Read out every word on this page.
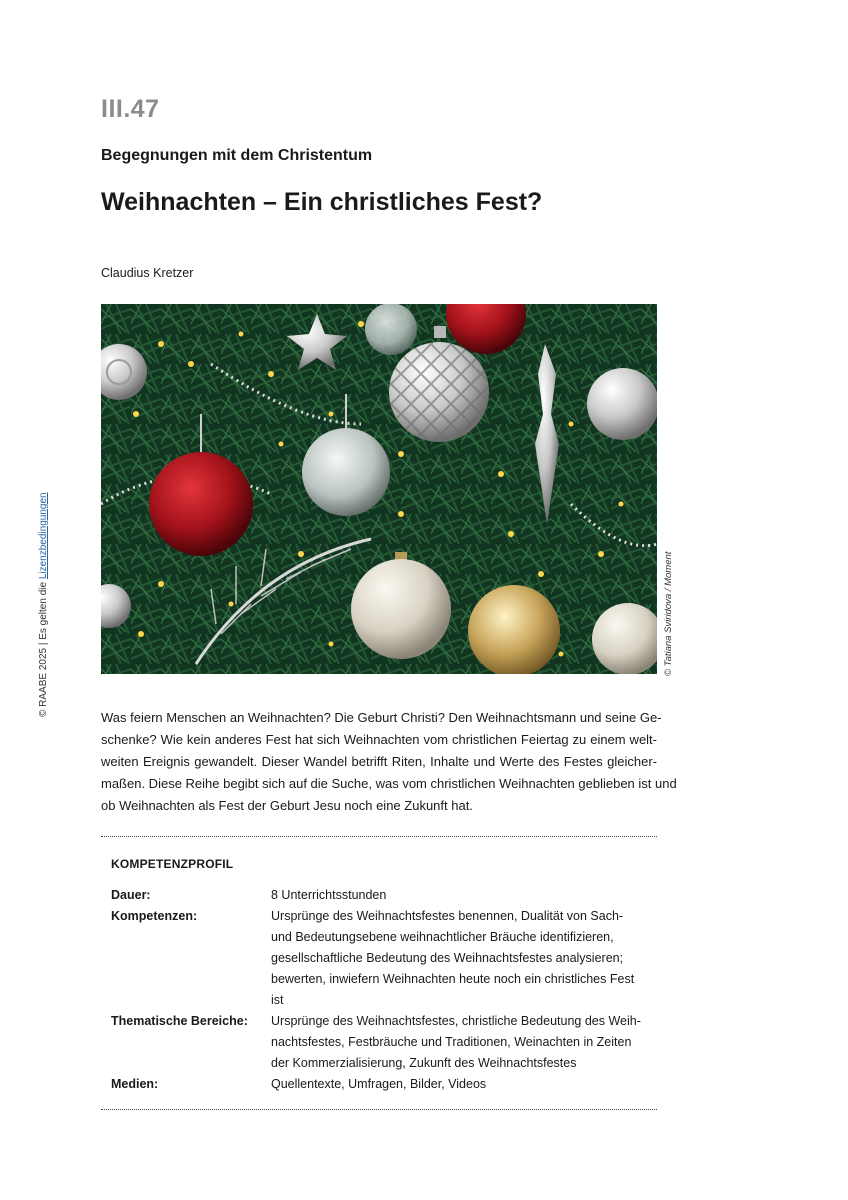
III.47
Begegnungen mit dem Christentum
Weihnachten – Ein christliches Fest?
Claudius Kretzer
© Tatiana Sviridova / Moment
© RAABE 2025 | Es gelten die Lizenzbedingungen
Was feiern Menschen an Weihnachten? Die Geburt Christi? Den Weihnachtsmann und seine Ge-
schenke? Wie kein anderes Fest hat sich Weihnachten vom christlichen Feiertag zu einem welt-
weiten Ereignis gewandelt. Dieser Wandel betrifft Riten, Inhalte und Werte des Festes gleicher-
maßen. Diese Reihe begibt sich auf die Suche, was vom christlichen Weihnachten geblieben ist und
ob Weihnachten als Fest der Geburt Jesu noch eine Zukunft hat.
KOMPETENZPROFIL
Dauer:	8 Unterrichtsstunden
Kompetenzen:	Ursprünge des Weihnachtsfestes benennen, Dualität von Sach-
und Bedeutungsebene weihnachtlicher Bräuche identifizieren,
gesellschaftliche Bedeutung des Weihnachtsfestes analysieren;
bewerten, inwiefern Weihnachten heute noch ein christliches Fest
ist
Thematische Bereiche: Ursprünge des Weihnachtsfestes, christliche Bedeutung des Weih-
nachtsfestes, Festbräuche und Traditionen, Weinachten in Zeiten
der Kommerzialisierung, Zukunft des Weihnachtsfestes
Medien:	Quellentexte, Umfragen, Bilder, Videos
